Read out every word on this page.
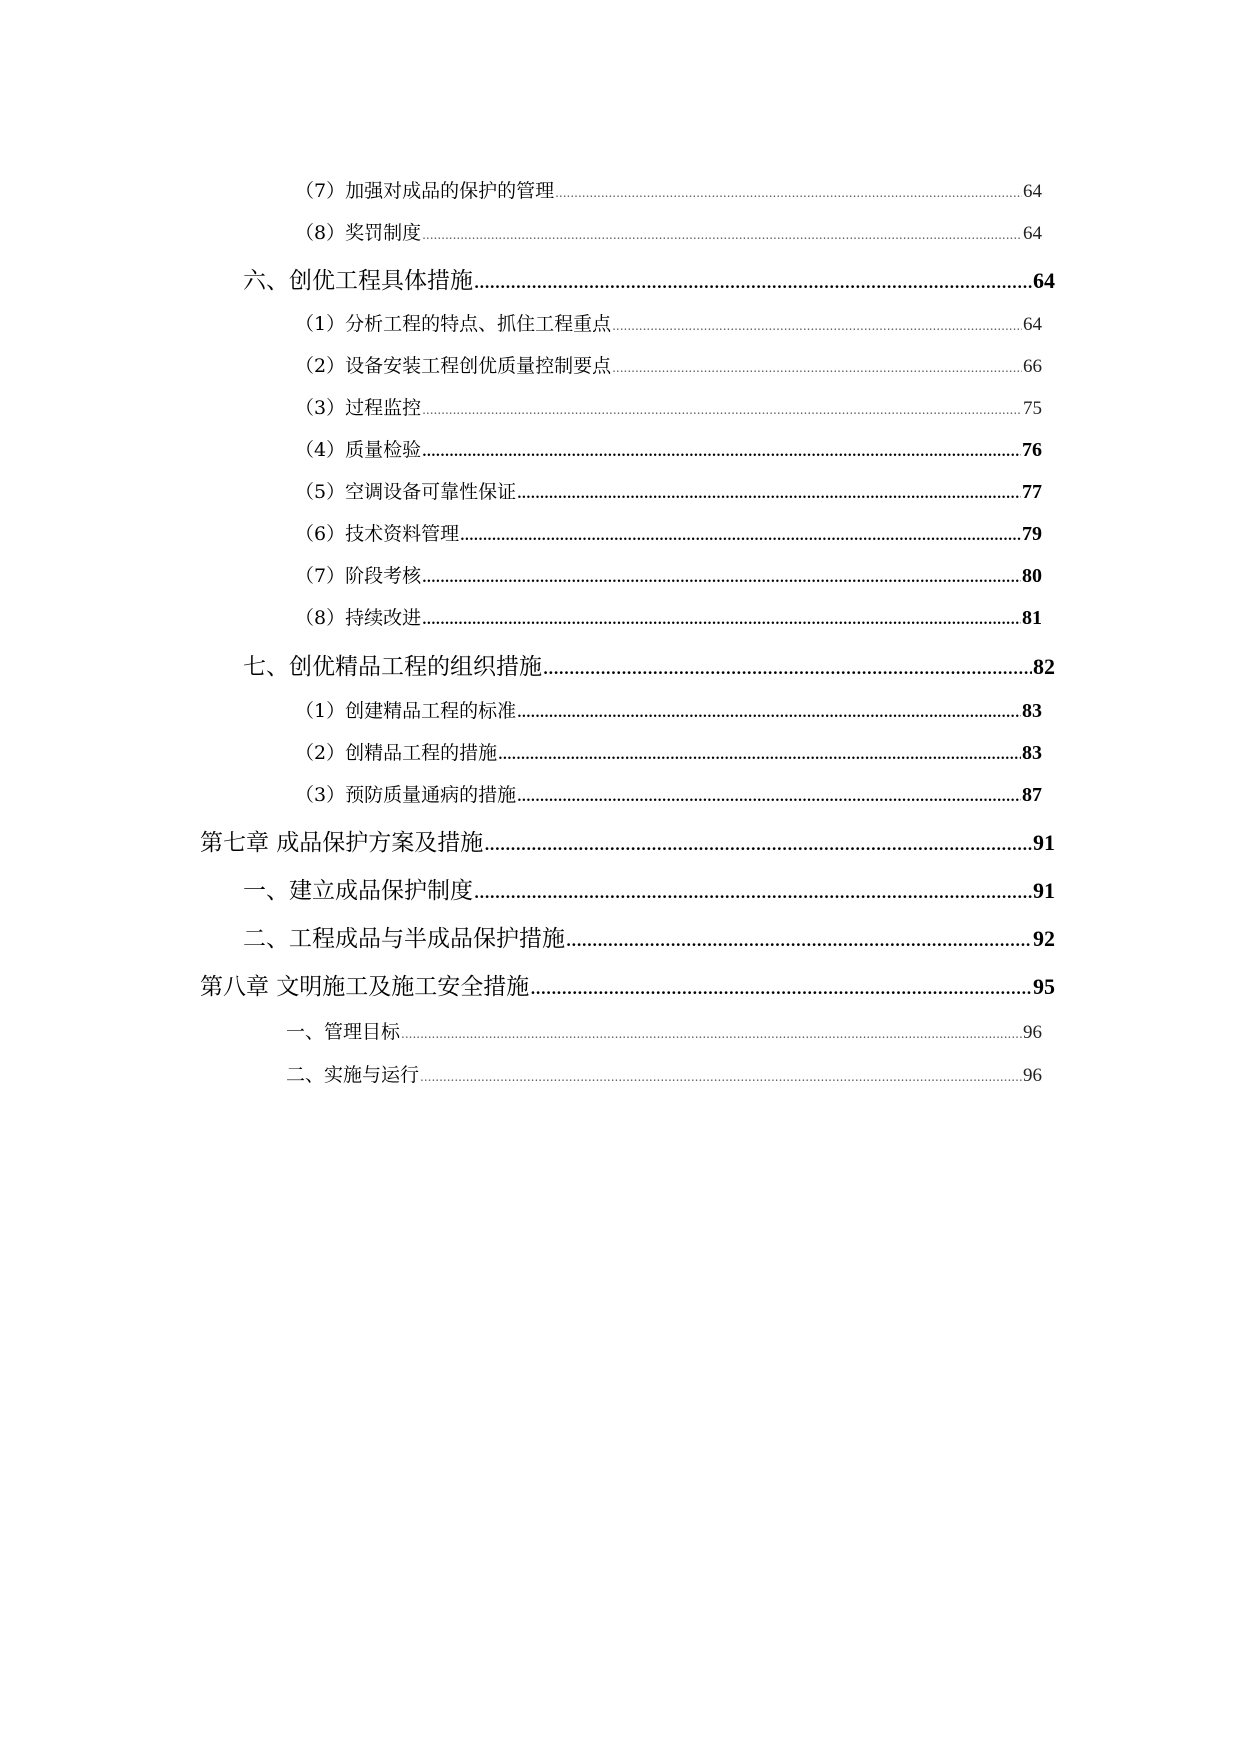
（7）加强对成品的保护的管理 .....	64
（8）奖罚制度 .....	64
六、创优工程具体措施 .....	64
（1）分析工程的特点、抓住工程重点 .....	64
（2）设备安装工程创优质量控制要点 .....	66
（3）过程监控 .....	75
（4）质量检验 .....	76
（5）空调设备可靠性保证 .....	77
（6）技术资料管理 .....	79
（7）阶段考核 .....	80
（8）持续改进 .....	81
七、创优精品工程的组织措施 .....	82
（1）创建精品工程的标准 .....	83
（2）创精品工程的措施 .....	83
（3）预防质量通病的措施 .....	87
第七章 成品保护方案及措施 .....	91
一、建立成品保护制度 .....	91
二、工程成品与半成品保护措施 .....	92
第八章 文明施工及施工安全措施 .....	95
一、管理目标 .....	96
二、实施与运行 .....	96
